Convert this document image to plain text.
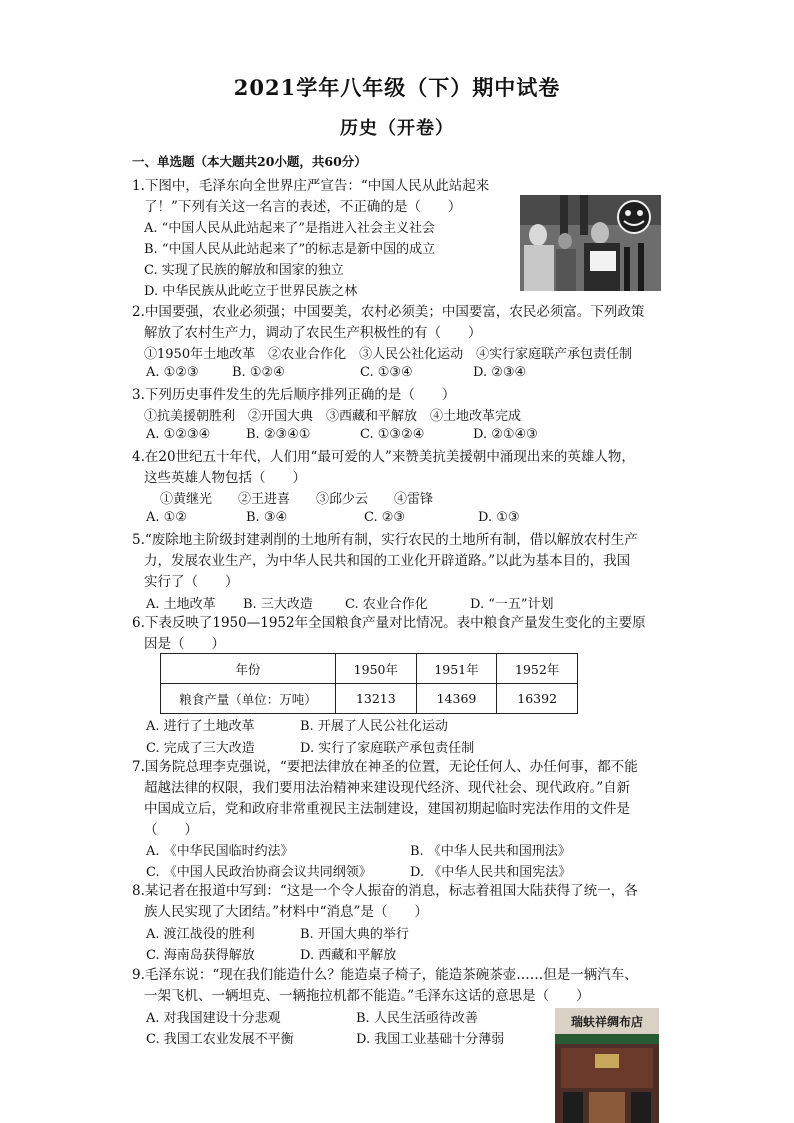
2021学年八年级（下）期中试卷
历史（开卷）
一、单选题（本大题共20小题，共60分）
1.下图中，毛泽东向全世界庄严宣告：“中国人民从此站起来
了！”下列有关这一名言的表述，不正确的是（　　）
A. “中国人民从此站起来了”是指进入社会主义社会
B. “中国人民从此站起来了”的标志是新中国的成立
C. 实现了民族的解放和国家的独立
D. 中华民族从此屹立于世界民族之林
2.中国要强，农业必须强；中国要美，农村必须美；中国要富，农民必须富。下列政策
解放了农村生产力，调动了农民生产积极性的有（　　）
①1950年土地改革　②农业合作化　③人民公社化运动　④实行家庭联产承包责任制
A. ①②③	B. ①②④	C. ①③④	D. ②③④
3.下列历史事件发生的先后顺序排列正确的是（　　）
①抗美援朝胜利　②开国大典　③西藏和平解放　④土地改革完成
A. ①②③④	B. ②③④①	C. ①③②④	D. ②①④③
4.在20世纪五十年代，人们用“最可爱的人”来赞美抗美援朝中涌现出来的英雄人物，
这些英雄人物包括（　　）
①黄继光　　②王进喜　　③邱少云　　④雷锋
A. ①②	B. ③④	C. ②③	D. ①③
5.“废除地主阶级封建剥削的土地所有制，实行农民的土地所有制，借以解放农村生产
力，发展农业生产，为中华人民共和国的工业化开辟道路。”以此为基本目的，我国
实行了（　　）
A. 土地改革 B. 三大改造 C. 农业合作化	D. “一五”计划
6.下表反映了1950—1952年全国粮食产量对比情况。表中粮食产量发生变化的主要原
因是（　　）
年份	1950年	1951年	1952年
粮食产量（单位：万吨）	13213	14369	16392
A. 进行了土地改革	B. 开展了人民公社化运动
C. 完成了三大改造	D. 实行了家庭联产承包责任制
7.国务院总理李克强说，“要把法律放在神圣的位置，无论任何人、办任何事，都不能
超越法律的权限，我们要用法治精神来建设现代经济、现代社会、现代政府。”自新
中国成立后，党和政府非常重视民主法制建设，建国初期起临时宪法作用的文件是
（　　）
A. 《中华民国临时约法》	B. 《中华人民共和国刑法》
C. 《中国人民政治协商会议共同纲领》	D. 《中华人民共和国宪法》
8.某记者在报道中写到：“这是一个令人振奋的消息，标志着祖国大陆获得了统一，各
族人民实现了大团结。”材料中“消息”是（　　）
A. 渡江战役的胜利	B. 开国大典的举行
C. 海南岛获得解放	D. 西藏和平解放
9.毛泽东说：“现在我们能造什么？能造桌子椅子，能造茶碗茶壶……但是一辆汽车、
一架飞机、一辆坦克、一辆拖拉机都不能造。”毛泽东这话的意思是（　　）
A. 对我国建设十分悲观	B. 人民生活亟待改善
C. 我国工农业发展不平衡	D. 我国工业基础十分薄弱
瑞蚨祥绸布店
